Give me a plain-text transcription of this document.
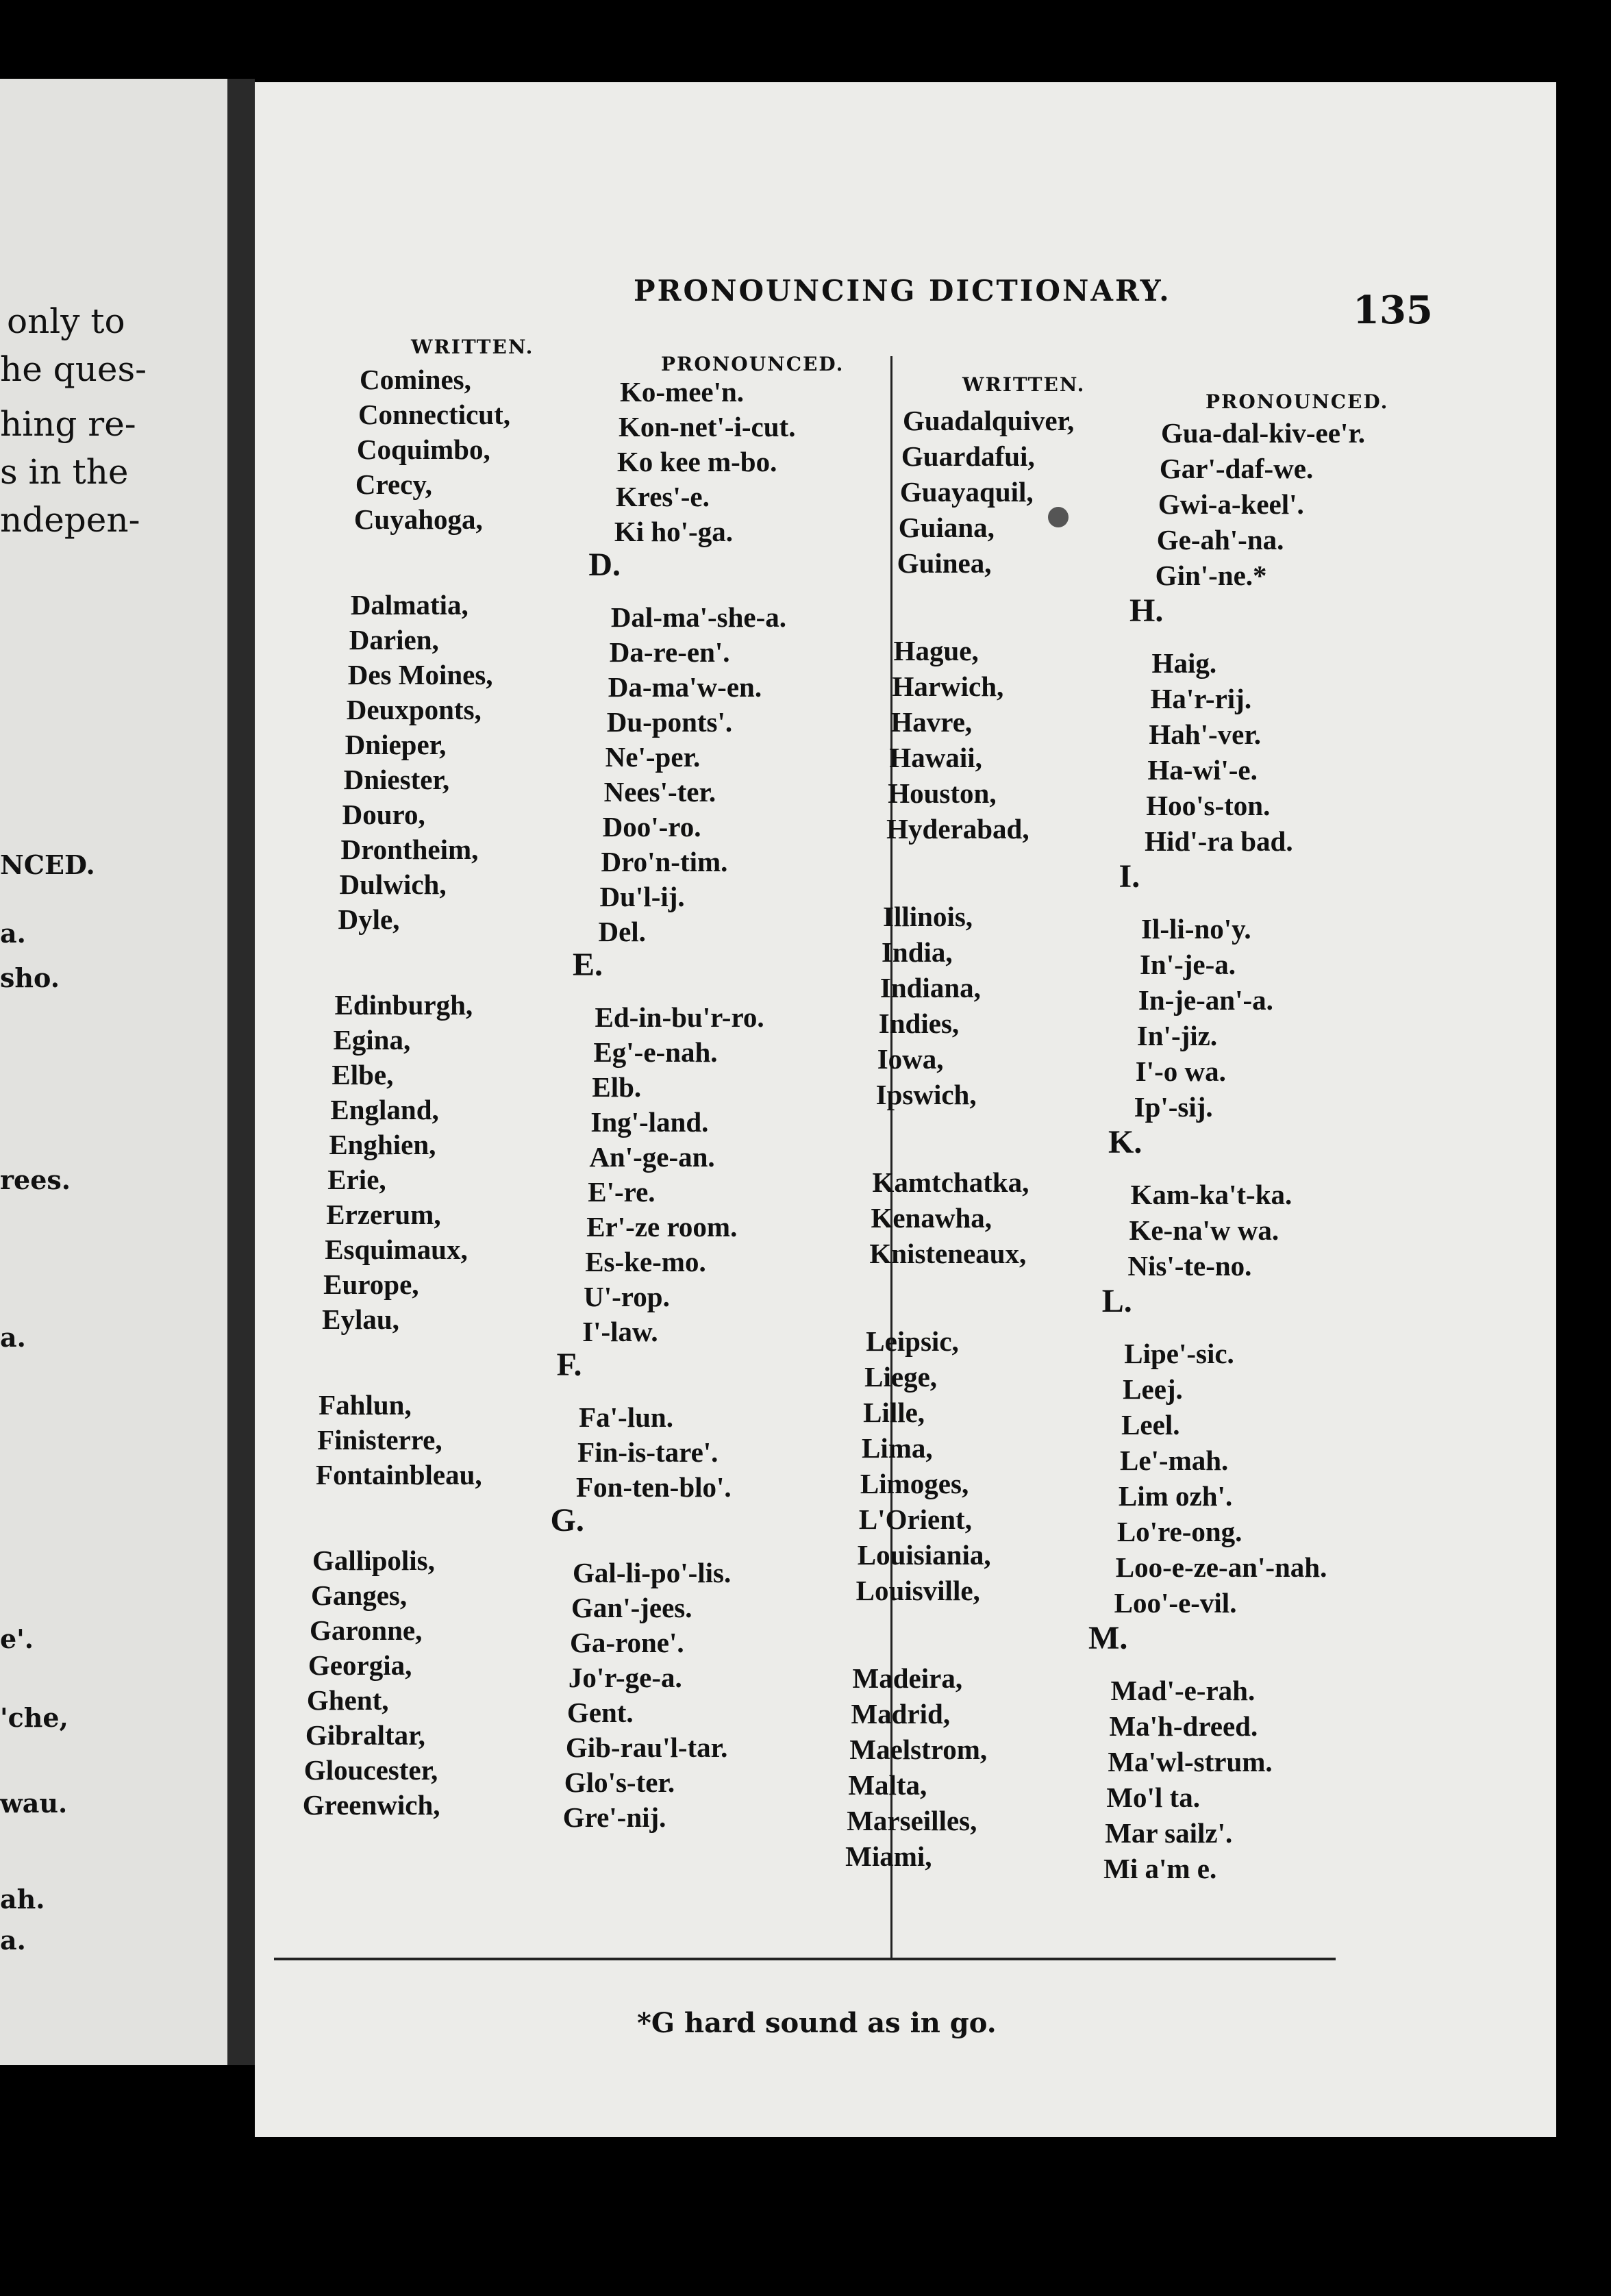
only to
he ques-
hing re-
s in the
ndepen-
NCED.
a.
sho.
rees.
a.
e'.
'che,
wau.
ah.
a.
PRONOUNCING DICTIONARY.	135
WRITTEN.
PRONOUNCED.
WRITTEN.
PRONOUNCED.
Comines,	Ko-mee'n.
Connecticut,	Kon-net'-i-cut.
Coquimbo,	Ko kee m-bo.
Crecy,	Kres'-e.
Cuyahoga,	Ki ho'-ga.
D.
Dalmatia,	Dal-ma'-she-a.
Darien,	Da-re-en'.
Des Moines,	Da-ma'w-en.
Deuxponts,	Du-ponts'.
Dnieper,	Ne'-per.
Dniester,	Nees'-ter.
Douro,	Doo'-ro.
Drontheim,	Dro'n-tim.
Dulwich,	Du'l-ij.
Dyle,	Del.
E.
Edinburgh,	Ed-in-bu'r-ro.
Egina,	Eg'-e-nah.
Elbe,	Elb.
England,	Ing'-land.
Enghien,	An'-ge-an.
Erie,	E'-re.
Erzerum,	Er'-ze room.
Esquimaux,	Es-ke-mo.
Europe,	U'-rop.
Eylau,	I'-law.
F.
Fahlun,	Fa'-lun.
Finisterre,	Fin-is-tare'.
Fontainbleau,	Fon-ten-blo'.
G.
Gallipolis,	Gal-li-po'-lis.
Ganges,	Gan'-jees.
Garonne,	Ga-rone'.
Georgia,	Jo'r-ge-a.
Ghent,	Gent.
Gibraltar,	Gib-rau'l-tar.
Gloucester,	Glo's-ter.
Greenwich,	Gre'-nij.
Guadalquiver,	Gua-dal-kiv-ee'r.
Guardafui,	Gar'-daf-we.
Guayaquil,	Gwi-a-keel'.
Guiana,	Ge-ah'-na.
Guinea,	Gin'-ne.*
H.
Hague,	Haig.
Harwich,	Ha'r-rij.
Havre,	Hah'-ver.
Hawaii,	Ha-wi'-e.
Houston,	Hoo's-ton.
Hyderabad,	Hid'-ra bad.
I.
Illinois,	Il-li-no'y.
India,	In'-je-a.
Indiana,	In-je-an'-a.
Indies,	In'-jiz.
Iowa,	I'-o wa.
Ipswich,	Ip'-sij.
K.
Kamtchatka,	Kam-ka't-ka.
Kenawha,	Ke-na'w wa.
Knisteneaux,	Nis'-te-no.
L.
Leipsic,	Lipe'-sic.
Liege,	Leej.
Lille,	Leel.
Lima,	Le'-mah.
Limoges,	Lim ozh'.
L'Orient,	Lo're-ong.
Louisiania,	Loo-e-ze-an'-nah.
Louisville,	Loo'-e-vil.
M.
Madeira,	Mad'-e-rah.
Madrid,	Ma'h-dreed.
Maelstrom,	Ma'wl-strum.
Malta,	Mo'l ta.
Marseilles,	Mar sailz'.
Miami,	Mi a'm e.
*G hard sound as in go.
